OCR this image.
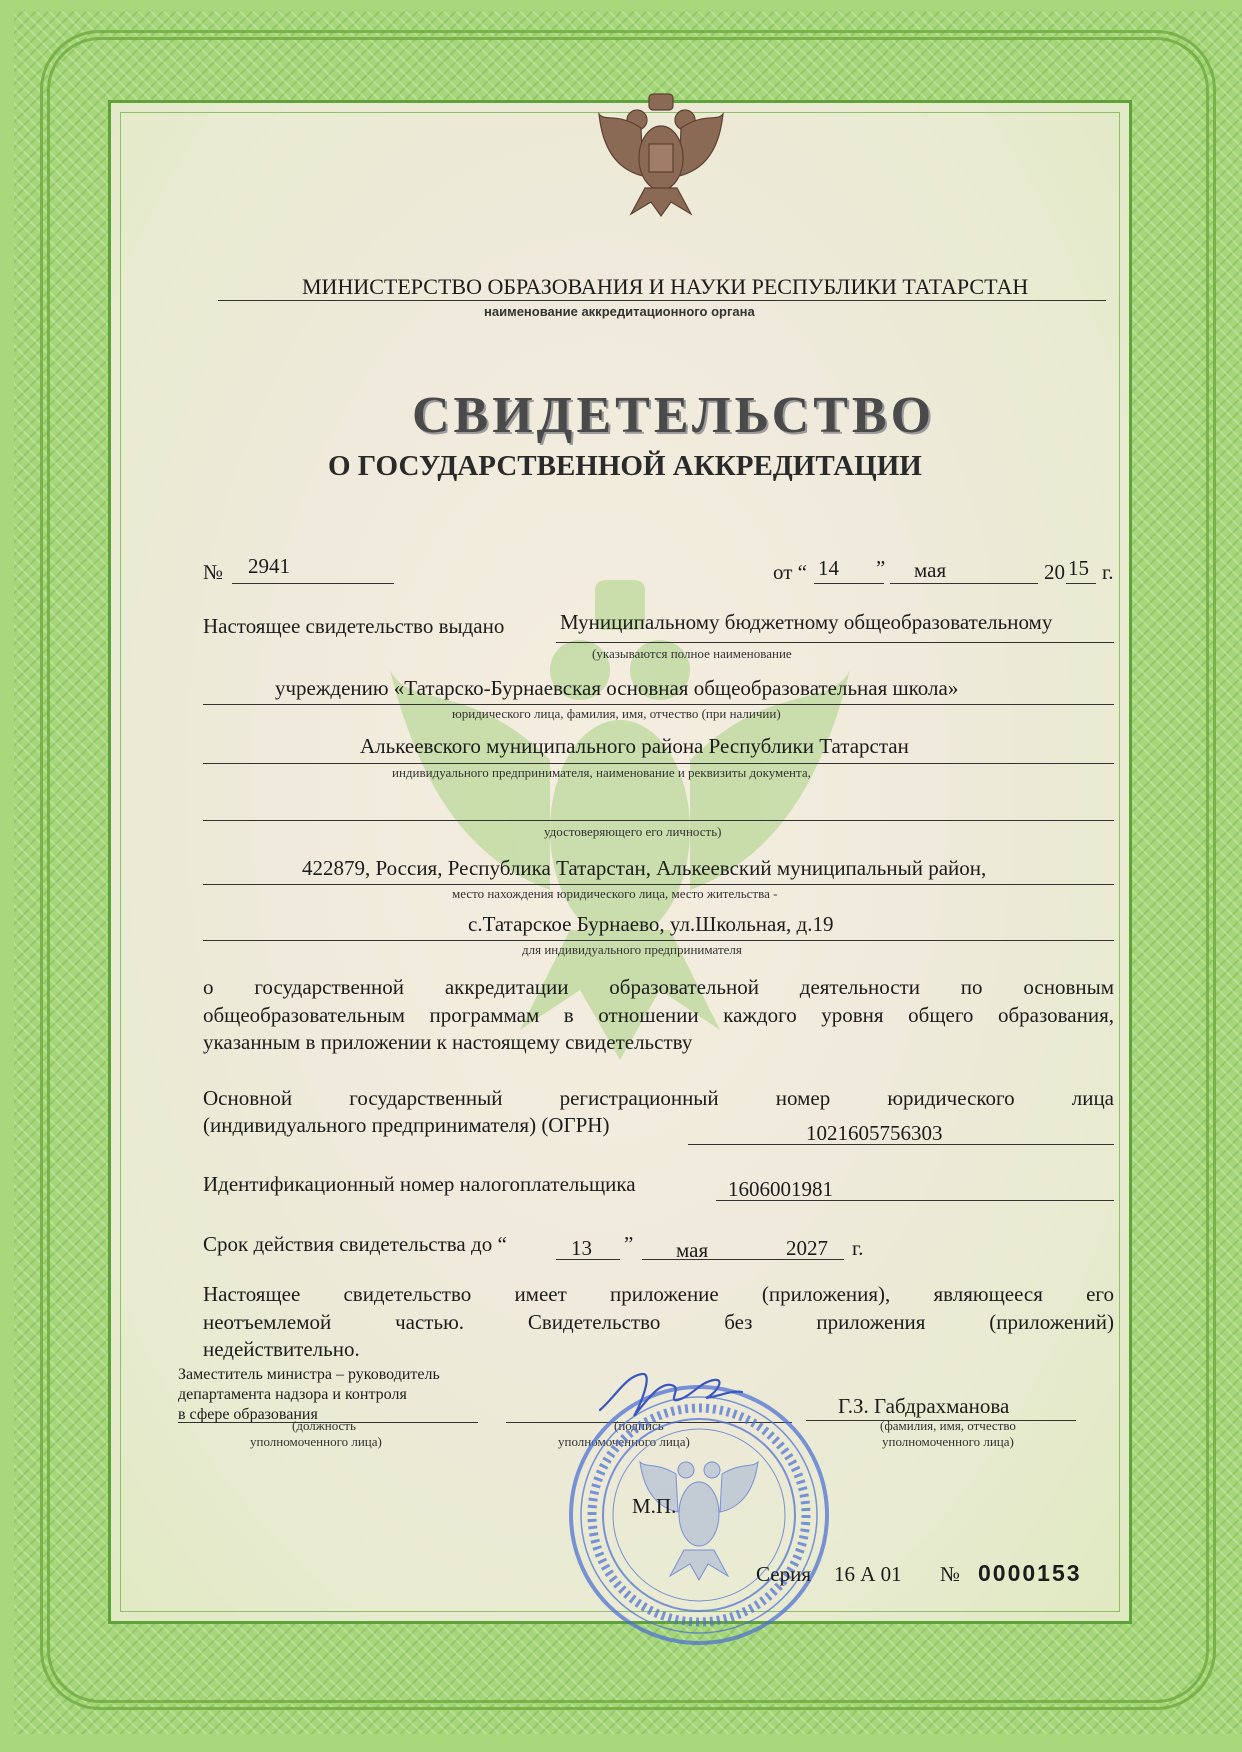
МИНИСТЕРСТВО ОБРАЗОВАНИЯ И НАУКИ РЕСПУБЛИКИ ТАТАРСТАН
наименование аккредитационного органа
СВИДЕТЕЛЬСТВО
О ГОСУДАРСТВЕННОЙ АККРЕДИТАЦИИ
№ 2941	от “ 14 ” мая	20 15 г.
Настоящее свидетельство выдано	Муниципальному бюджетному общеобразовательному
(указываются полное наименование
учреждению «Татарско-Бурнаевская основная общеобразовательная школа»
юридического лица, фамилия, имя, отчество (при наличии)
Алькеевского муниципального района Республики Татарстан
индивидуального предпринимателя, наименование и реквизиты документа,
удостоверяющего его личность)
422879, Россия, Республика Татарстан, Алькеевский муниципальный район,
место нахождения юридического лица, место жительства -
с.Татарское Бурнаево, ул.Школьная, д.19
для индивидуального предпринимателя
о государственной аккредитации образовательной деятельности по основным
общеобразовательным программам в отношении каждого уровня общего образования,
указанным в приложении к настоящему свидетельству
Основной государственный регистрационный номер юридического лица
(индивидуального предпринимателя) (ОГРН)	1021605756303
Идентификационный номер налогоплательщика	1606001981
Срок действия свидетельства до “	13 ” мая	2027 г.
Настоящее свидетельство имеет приложение (приложения), являющееся его
неотъемлемой частью. Свидетельство без приложения (приложений)
недействительно.
Заместитель министра – руководитель
департамента надзора и контроля
в сфере образования
(должность
уполномоченного лица)
(подпись
уполномоченного лица)
Г.З. Габдрахманова
(фамилия, имя, отчество
уполномоченного лица)
М.П.
Серия 16 А 01 № 0000153
